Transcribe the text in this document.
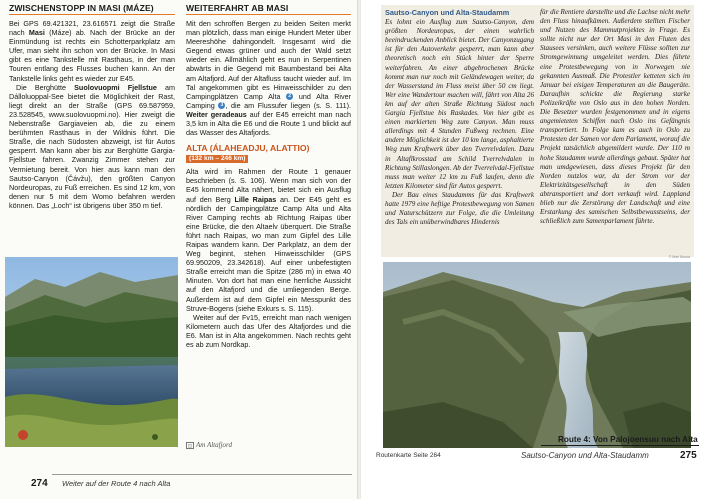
ZWISCHENSTOPP IN MASI (MÁZE)

Bei GPS 69.421321, 23.616571 zeigt die Straße nach Masi (Máze) ab. Nach der Brücke an der Einmündung ist rechts ein Schotterparkplatz am Ufer, man sieht ihn schon von der Brücke. In Masi gibt es eine Tankstelle mit Rasthaus, in der man Touren entlang des Flusses buchen kann. An der Tankstelle links geht es wieder zur E45.

Die Berghütte Suolovuopmi Fjellstue am Dálloluoppal-See bietet die Möglichkeit der Rast, liegt direkt an der Straße (GPS 69.587959, 23.528545, www.suolovuopmi.no). Hier zweigt die Nebenstraße Gargiaveien ab, die zu einem berühmten Rasthaus in der Wildnis führt. Die Straße, die nach Südosten abzweigt, ist für Autos gesperrt. Man kann aber bis zur Berghütte Gargia-Fjellstue fahren. Zwanzig Zimmer stehen zur Vermietung bereit. Von hier aus kann man den Sautso-Canyon (Čávžu), den größten Canyon Nordeuropas, zu Fuß erreichen. Es sind 12 km, von denen nur 5 mit dem Womo befahren werden können. Das „Loch“ ist übrigens über 350 m tief.

WEITERFAHRT AB MASI

Mit den schroffen Bergen zu beiden Seiten merkt man plötzlich, dass man einige Hundert Meter über Meereshöhe dahingondelt. Insgesamt wird die Gegend etwas grüner und auch der Wald setzt wieder ein. Allmählich geht es nun in Serpentinen abwärts in die Gegend mit Baumbestand bei Alta am Altafjord. Auf der Altafluss taucht wieder auf. Im Tal angekommen gibt es Hinweisschilder zu den Campingplätzen Camp Alta 2 und Alta River Camping 3 , die am Flussufer liegen (s. S. 111). Weiter geradeaus auf der E45 erreicht man nach 3,5 km in Alta die E6 und die Route 1 und blickt auf das Wasser des Altafjords.

ALTA (ÁLAHEADJU, ALATTIO)
(132 km – 246 km)

Alta wird im Rahmen der Route 1 genauer beschrieben (s. S. 106). Wenn man sich von der E45 kommend Alta nähert, bietet sich ein Ausflug auf den Berg Lille Raipas an. Der E45 geht es nördlich der Campingplätze Camp Alta und Alta River Camping rechts ab Richtung Raipas über eine Brücke, die den Altaelv überquert. Die Straße führt nach Raipas, wo man zum Gipfel des Lille Raipas wandern kann. Der Parkplatz, an dem der Weg beginnt, stehen Hinweisschilder (GPS 69.950209, 23.342618). Auf einer unbefestigten Straße erreicht man die Spitze (286 m) in etwa 40 Minuten. Von dort hat man eine herrliche Aussicht auf den Altafjord und die umliegenden Berge. Außerdem ist auf dem Gipfel ein Messpunkt des Struve-Bogens (siehe Exkurs s. S. 115).

Weiter auf der Fv15, erreicht man nach wenigen Kilometern auch das Ufer des Altafjordes und die E6. Man ist in Alta angekommen. Nach rechts geht es ab zum Nordkap.

◫ Am Altafjord
274 Weiter auf der Route 4 nach Alta
Sautso-Canyon und Alta-Staudamm
Es lohnt ein Ausflug zum Sautso-Canyon, dem größten Nordeuropas, der einen wahrlich beeindruckenden Anblick bietet. Der Canyonzugang ist für den Autoverkehr gesperrt, man kann aber theoretisch noch ein Stück hinter der Sperre weiterfahren. An einer abgebrochenen Brücke kommt man nur noch mit Geländewagen weiter, da der Wasserstand im Fluss meist über 50 cm liegt. Wer eine Wandertour machen will, fährt von Alta 26 km auf der alten Straße Richtung Südost nach Gargia Fjellstue bis Raskades. Von hier gibt es einen markierten Weg zum Canyon. Man muss allerdings mit 4 Stunden Fußweg rechnen. Eine andere Möglichkeit ist der 10 km lange, asphaltierte Weg zum Kraftwerk über den Tverrelvdalen. Dazu in Altaflkrosstad am Schild Tverrelvdalen in Richtung Stillaslongen. Ab der Tverrelvdal-Fjellstue muss man weiter 12 km zu Fuß laufen, denn die letzten Kilometer sind für Autos gesperrt.
Der Bau eines Staudamms für das Kraftwerk hatte 1979 eine heftige Protestbewegung von Samen und Naturschützern zur Folge, die die Umleitung des Tals ein unüberwindbares Hindernis
für die Rentiere darstellte und die Lachse nicht mehr den Fluss hinaufkämen. Außerdem stellten Fischer und Nutzen des Mammutprojektes in Frage. Es sollte nicht nur der Ort Masi in den Fluten des Stausees versinken, auch weitere Flüsse sollten zur Stromgewinnung umgeleitet werden. Dies führte eine Protestbewegung von in Norwegen nie gekannten Ausmaß. Die Protestler ketteten sich im Januar bei eisigen Temperaturen an die Baugeräte. Daraufhin schickte die Regierung starke Polizeikräfte von Oslo aus in den hohen Norden. Die Besetzer wurden festgenommen und in eigens angemieteten Schiffen nach Oslo ins Gefängnis transportiert. In Folge kam es auch in Oslo zu Protesten der Samen vor dem Parlament, worauf die Projekt tatsächlich abgemildert wurde. Der 110 m hohe Staudamm wurde allerdings gebaut. Später hat man umdgewiesen, dass dieses Projekt für den Norden nutzlos war, da der Strom vor der Elektrizitätsgesellschaft in den Süden abtransportiert und dort verkauft wird. Lappland blieb nur die Zerstörung der Landschaft und eine Erstarkung des samischen Selbstbewusstseins, der schließlich zum Samenparlament führte.
© Mari Bonsa
Route 4: Von Palojoensuu nach Alta
Sautso-Canyon und Alta-Staudamm
Routenkarte Seite 264	275
